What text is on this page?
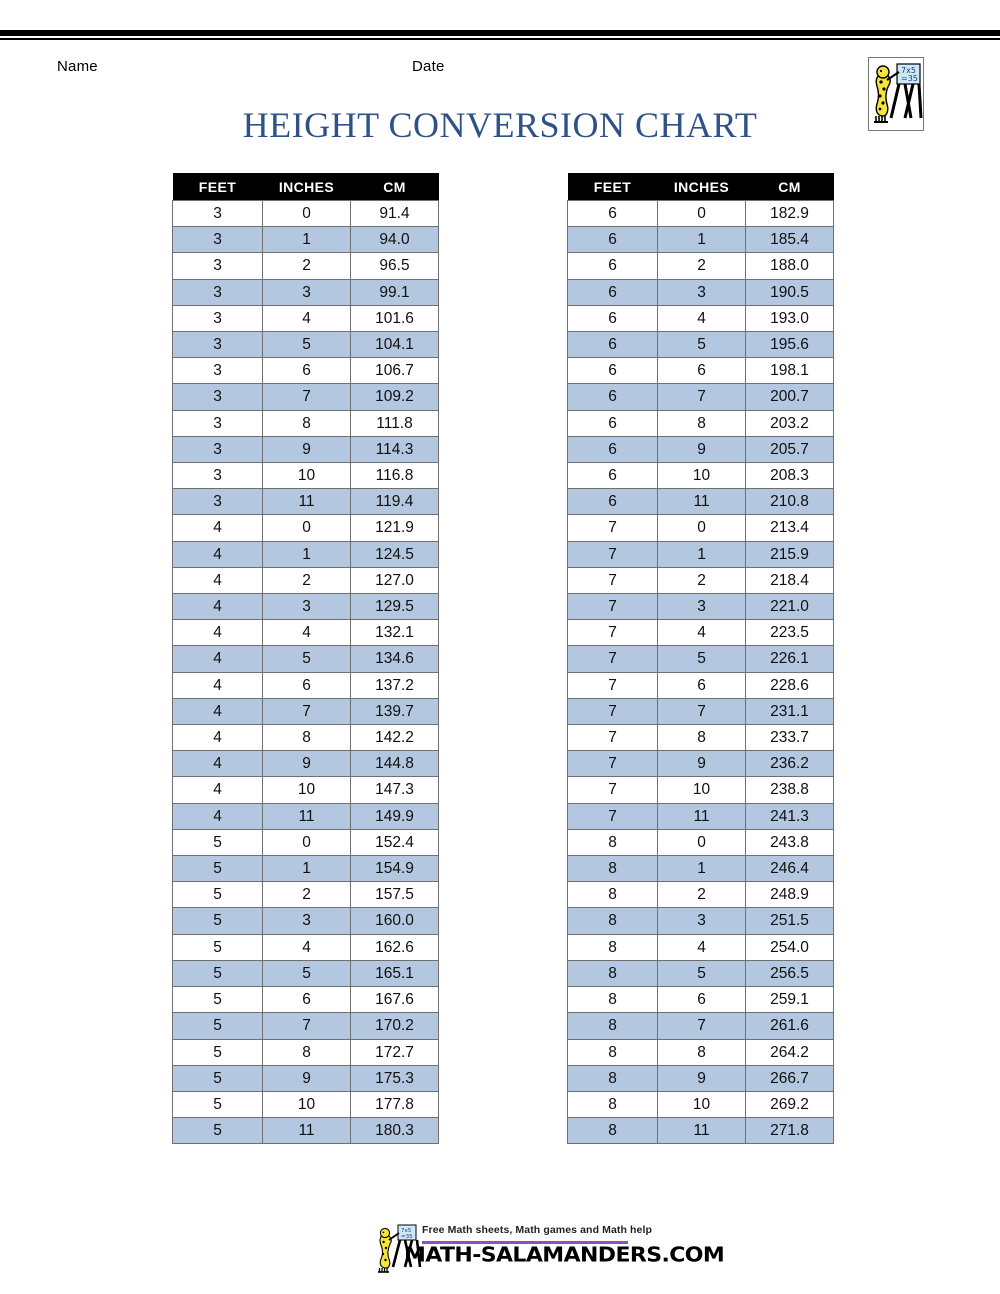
Name	Date	7x5
=35
HEIGHT CONVERSION CHART
FEET	INCHES	CM
3	0	91.4
3	1	94.0
3	2	96.5
3	3	99.1
3	4	101.6
3	5	104.1
3	6	106.7
3	7	109.2
3	8	111.8
3	9	114.3
3	10	116.8
3	11	119.4
4	0	121.9
4	1	124.5
4	2	127.0
4	3	129.5
4	4	132.1
4	5	134.6
4	6	137.2
4	7	139.7
4	8	142.2
4	9	144.8
4	10	147.3
4	11	149.9
5	0	152.4
5	1	154.9
5	2	157.5
5	3	160.0
5	4	162.6
5	5	165.1
5	6	167.6
5	7	170.2
5	8	172.7
5	9	175.3
5	10	177.8
5	11	180.3
FEET	INCHES	CM
6	0	182.9
6	1	185.4
6	2	188.0
6	3	190.5
6	4	193.0
6	5	195.6
6	6	198.1
6	7	200.7
6	8	203.2
6	9	205.7
6	10	208.3
6	11	210.8
7	0	213.4
7	1	215.9
7	2	218.4
7	3	221.0
7	4	223.5
7	5	226.1
7	6	228.6
7	7	231.1
7	8	233.7
7	9	236.2
7	10	238.8
7	11	241.3
8	0	243.8
8	1	246.4
8	2	248.9
8	3	251.5
8	4	254.0
8	5	256.5
8	6	259.1
8	7	261.6
8	8	264.2
8	9	266.7
8	10	269.2
8	11	271.8
7x5
=35
Free Math sheets, Math games and Math help
MATH-SALAMANDERS.COM
